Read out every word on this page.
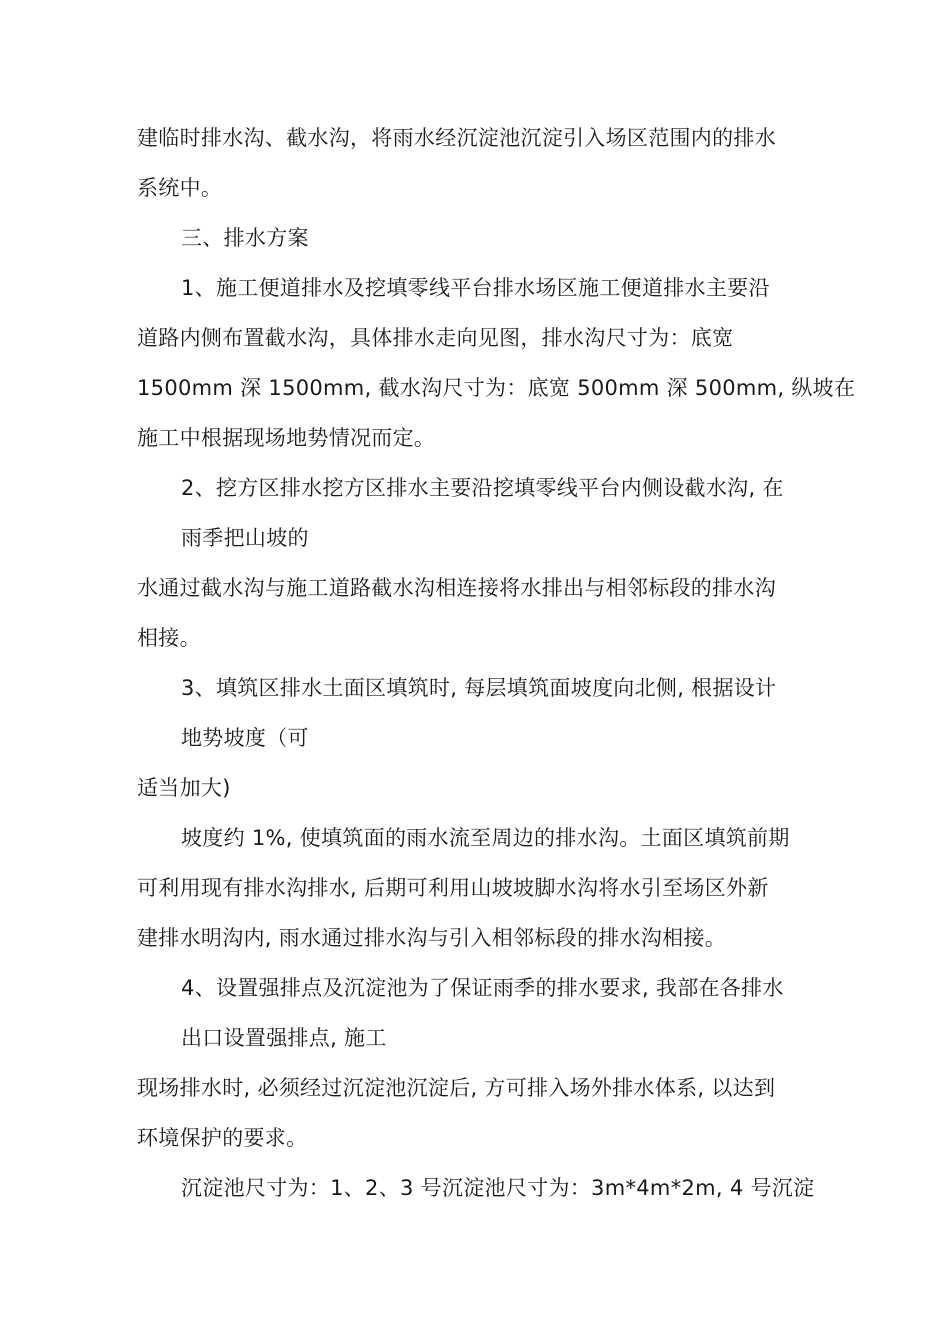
建临时排水沟、截水沟，将雨水经沉淀池沉淀引入场区范围内的排水
系统中。
三、排水方案
1、施工便道排水及挖填零线平台排水场区施工便道排水主要沿
道路内侧布置截水沟，具体排水走向见图，排水沟尺寸为：底宽
1500mm 深 1500mm, 截水沟尺寸为：底宽 500mm 深 500mm, 纵坡在
施工中根据现场地势情况而定。
2、挖方区排水挖方区排水主要沿挖填零线平台内侧设截水沟, 在
雨季把山坡的
水通过截水沟与施工道路截水沟相连接将水排出与相邻标段的排水沟
相接。
3、填筑区排水土面区填筑时, 每层填筑面坡度向北侧, 根据设计
地势坡度（可
适当加大)
坡度约 1%, 使填筑面的雨水流至周边的排水沟。土面区填筑前期
可利用现有排水沟排水, 后期可利用山坡坡脚水沟将水引至场区外新
建排水明沟内, 雨水通过排水沟与引入相邻标段的排水沟相接。
4、设置强排点及沉淀池为了保证雨季的排水要求, 我部在各排水
出口设置强排点, 施工
现场排水时, 必须经过沉淀池沉淀后, 方可排入场外排水体系, 以达到
环境保护的要求。
沉淀池尺寸为：1、2、3 号沉淀池尺寸为：3m*4m*2m, 4 号沉淀
